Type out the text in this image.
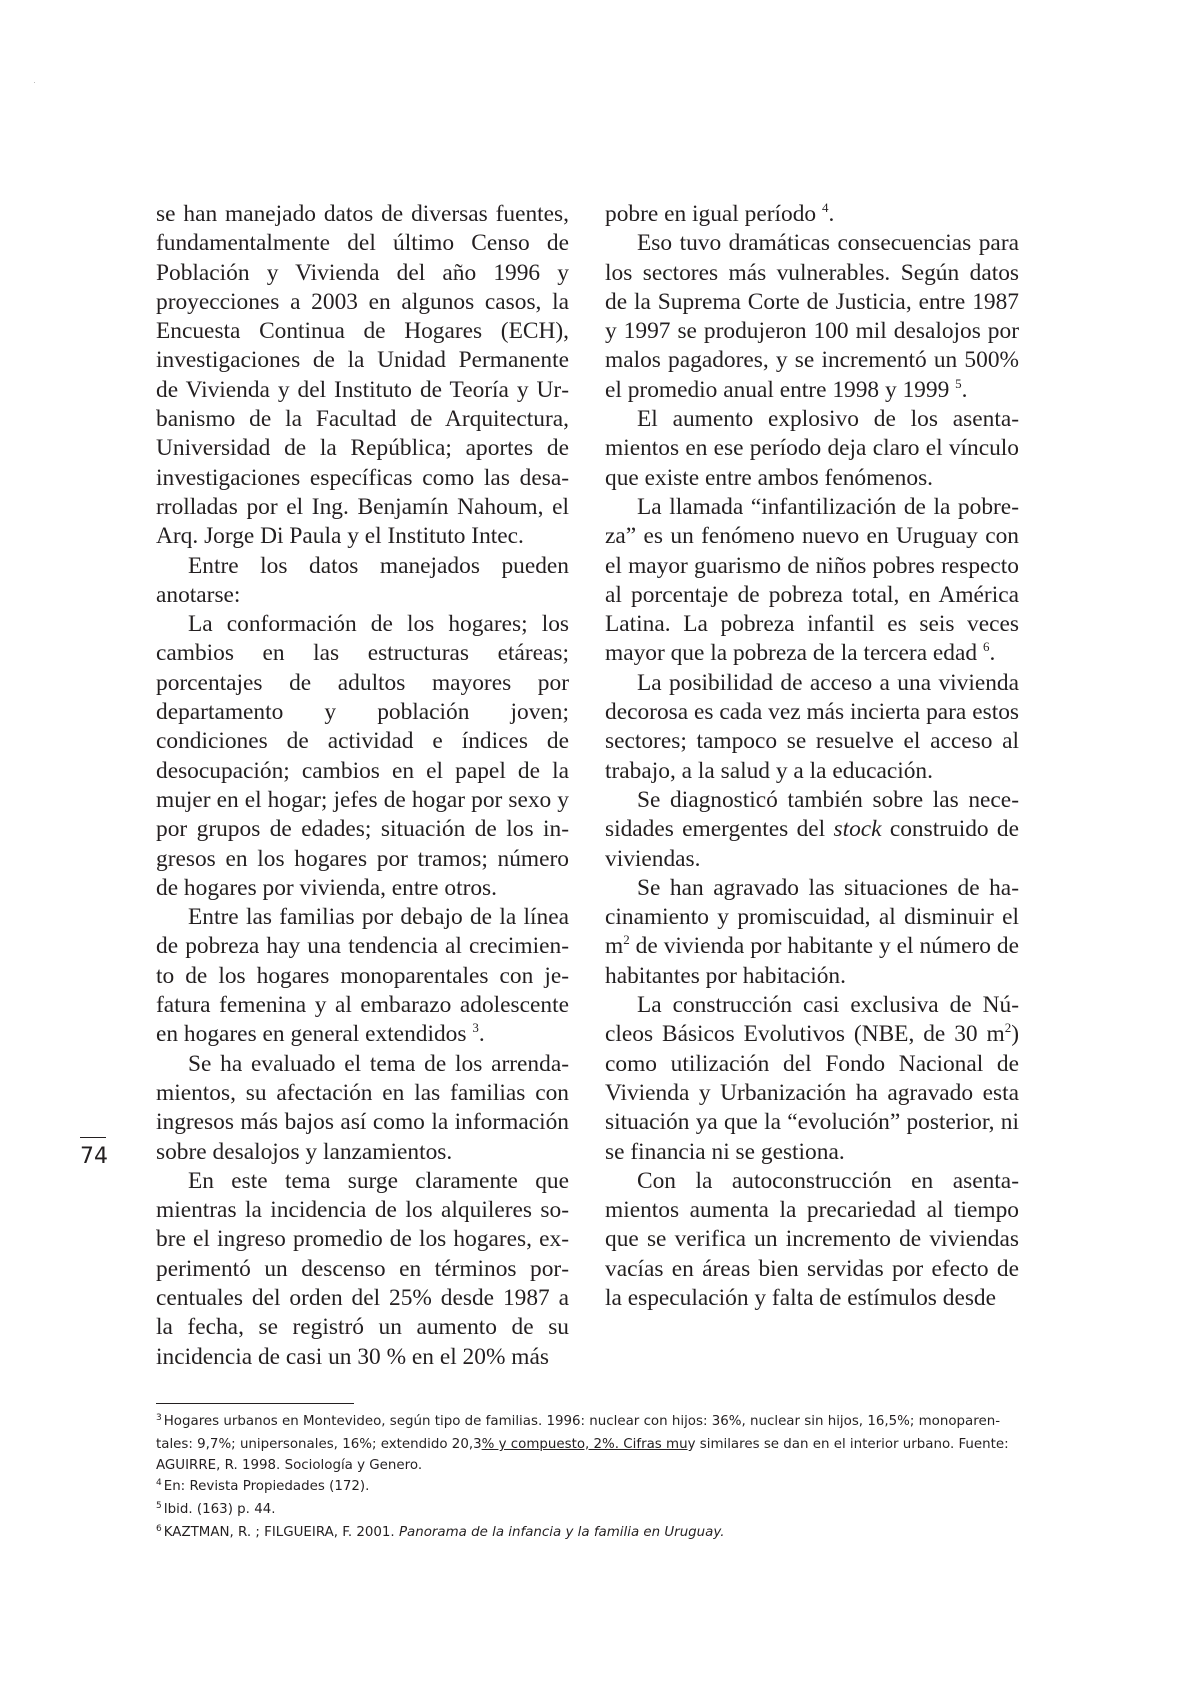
se han manejado datos de diversas fuentes, fundamentalmente del último Censo de Población y Vivienda del año 1996 y proyecciones a 2003 en algunos casos, la Encuesta Continua de Hogares (ECH), investigaciones de la Unidad Permanente de Vivienda y del Instituto de Teoría y Urbanismo de la Facultad de Arquitectura, Universidad de la República; aportes de investigaciones específicas como las desarrolladas por el Ing. Benjamín Nahoum, el Arq. Jorge Di Paula y el Instituto Intec.

Entre los datos manejados pueden anotarse:

La conformación de los hogares; los cambios en las estructuras etáreas; porcentajes de adultos mayores por departamento y población joven; condiciones de actividad e índices de desocupación; cambios en el papel de la mujer en el hogar; jefes de hogar por sexo y por grupos de edades; situación de los ingresos en los hogares por tramos; número de hogares por vivienda, entre otros.

Entre las familias por debajo de la línea de pobreza hay una tendencia al crecimiento de los hogares monoparentales con jefatura femenina y al embarazo adolescente en hogares en general extendidos $^3$.

Se ha evaluado el tema de los arrendamientos, su afectación en las familias con ingresos más bajos así como la información sobre desalojos y lanzamientos.

En este tema surge claramente que mientras la incidencia de los alquileres sobre el ingreso promedio de los hogares, experimentó un descenso en términos porcentuales del orden del 25% desde 1987 a la fecha, se registró un aumento de su incidencia de casi un 30 % en el 20% más

pobre en igual período $^4$.

Eso tuvo dramáticas consecuencias para los sectores más vulnerables. Según datos de la Suprema Corte de Justicia, entre 1987 y 1997 se produjeron 100 mil desalojos por malos pagadores, y se incrementó un 500% el promedio anual entre 1998 y 1999 $^5$.

El aumento explosivo de los asentamientos en ese período deja claro el vínculo que existe entre ambos fenómenos.

La llamada “infantilización de la pobreza” es un fenómeno nuevo en Uruguay con el mayor guarismo de niños pobres respecto al porcentaje de pobreza total, en América Latina. La pobreza infantil es seis veces mayor que la pobreza de la tercera edad $^6$.

La posibilidad de acceso a una vivienda decorosa es cada vez más incierta para estos sectores; tampoco se resuelve el acceso al trabajo, a la salud y a la educación.

Se diagnosticó también sobre las necesidades emergentes del stock construido de viviendas.

Se han agravado las situaciones de hacinamiento y promiscuidad, al disminuir el $m^2$ de vivienda por habitante y el número de habitantes por habitación.

La construcción casi exclusiva de Núcleos Básicos Evolutivos (NBE, de 30 $m^2$) como utilización del Fondo Nacional de Vivienda y Urbanización ha agravado esta situación ya que la “evolución” posterior, ni se financia ni se gestiona.

Con la autoconstrucción en asentamientos aumenta la precariedad al tiempo que se verifica un incremento de viviendas vacías en áreas bien servidas por efecto de la especulación y falta de estímulos desde

74

$^3$ Hogares urbanos en Montevideo, según tipo de familias. 1996: nuclear con hijos: 36%, nuclear sin hijos, 16,5%; monoparentales: 9,7%; unipersonales, 16%; extendido 20,3% y compuesto, 2%. Cifras muy similares se dan en el interior urbano. Fuente: AGUIRRE, R. 1998. Sociología y Genero.

$^4$ En: Revista Propiedades (172).

$^5$ Ibid. (163) p. 44.

$^6$ KAZTMAN, R. ; FILGUEIRA, F. 2001. Panorama de la infancia y la familia en Uruguay.
